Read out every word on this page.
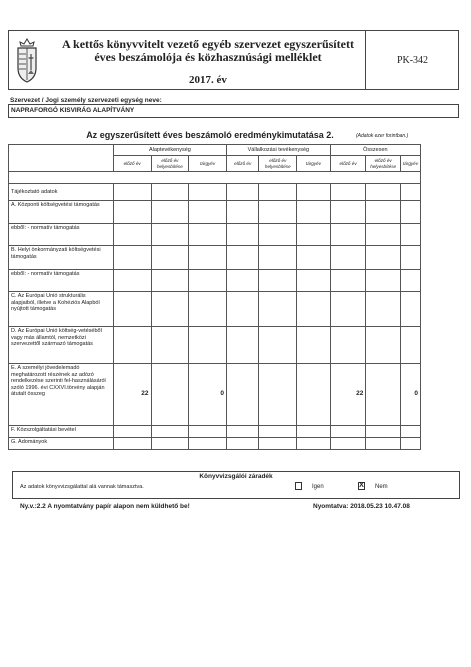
A kettős könyvvitelt vezető egyéb szervezet egyszerűsített
éves beszámolója és közhasznúsági melléklet
2017. év
PK-342
Szervezet / Jogi személy szervezeti egység neve:
NAPRAFORGÓ KISVIRÁG ALAPÍTVÁNY
Az egyszerűsített éves beszámoló eredménykimutatása 2.	(Adatok ezer forintban.)
	Alaptevékenység			Vállalkozási tevékenység			Összesen		
	előző év	előző év helyesbítése	tárgyév	előző év	előző év helyesbítése	tárgyév	előző év	előző év helyesbítése	tárgyév

Tájékoztató adatok									
A. Központi költségvetési támogatás									
ebből: - normatív támogatás									
B. Helyi önkormányzati költségvetési támogatás									
ebből: - normatív támogatás									
C. Az Európai Unió strukturális alapjaiból, illetve a Kohéziós Alapból nyújtott támogatás									
D. Az Európai Unió költség-vetéséből vagy más államtól, nemzetközi szervezettől származó támogatás									
E. A személyi jövedelemadó meghatározott részének az adózó rendelkezése szerinti fel-használásáról szóló 1996. évi CXXVI.törvény alapján átutalt összeg	22		0				22		0
F. Közszolgáltatási bevétel									
G. Adományok									
Könyvvizsgálói záradék
Az adatok könyvvizsgálattal alá vannak támasztva.	Igen	X Nem
Ny.v.:2.2 A nyomtatvány papír alapon nem küldhető be!	Nyomtatva: 2018.05.23 10.47.08
